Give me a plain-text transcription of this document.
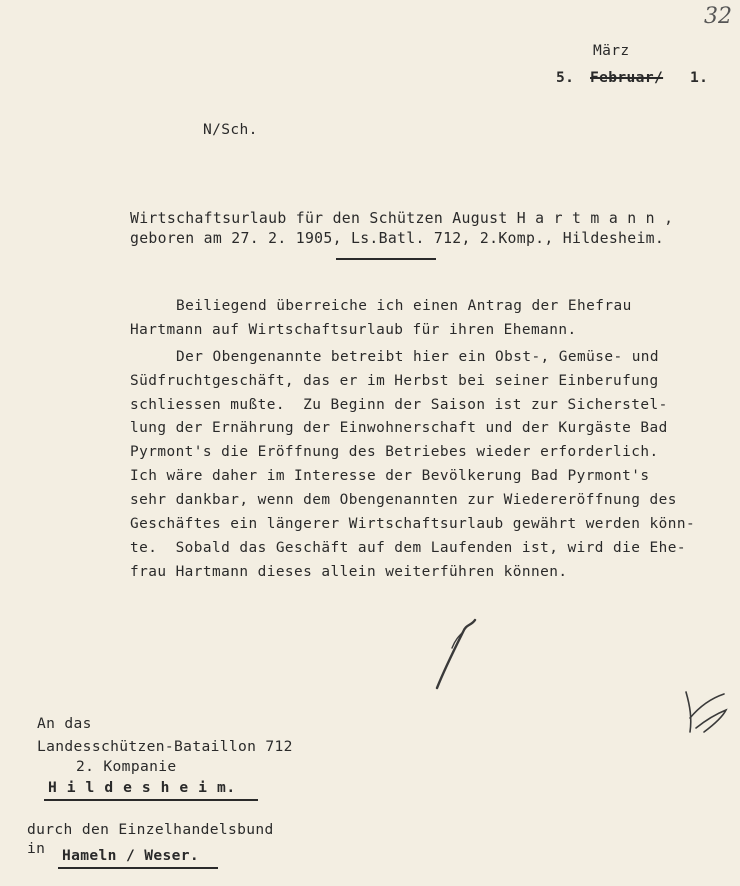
32
März
5. Februar/ 1.
N/Sch.
Wirtschaftsurlaub für den Schützen August H a r t m a n n ,
geboren am 27. 2. 1905, Ls.Batl. 712, 2.Komp., Hildesheim.
Beiliegend überreiche ich einen Antrag der Ehefrau
Hartmann auf Wirtschaftsurlaub für ihren Ehemann.
Der Obengenannte betreibt hier ein Obst-, Gemüse- und
Südfruchtgeschäft, das er im Herbst bei seiner Einberufung
schliessen mußte.  Zu Beginn der Saison ist zur Sicherstel-
lung der Ernährung der Einwohnerschaft und der Kurgäste Bad
Pyrmont's die Eröffnung des Betriebes wieder erforderlich.
Ich wäre daher im Interesse der Bevölkerung Bad Pyrmont's
sehr dankbar, wenn dem Obengenannten zur Wiedereröffnung des
Geschäftes ein längerer Wirtschaftsurlaub gewährt werden könn-
te.  Sobald das Geschäft auf dem Laufenden ist, wird die Ehe-
frau Hartmann dieses allein weiterführen können.
An das
Landesschützen-Bataillon 712
2. Kompanie
H i l d e s h e i m.
durch den Einzelhandelsbund
in Hameln / Weser.
